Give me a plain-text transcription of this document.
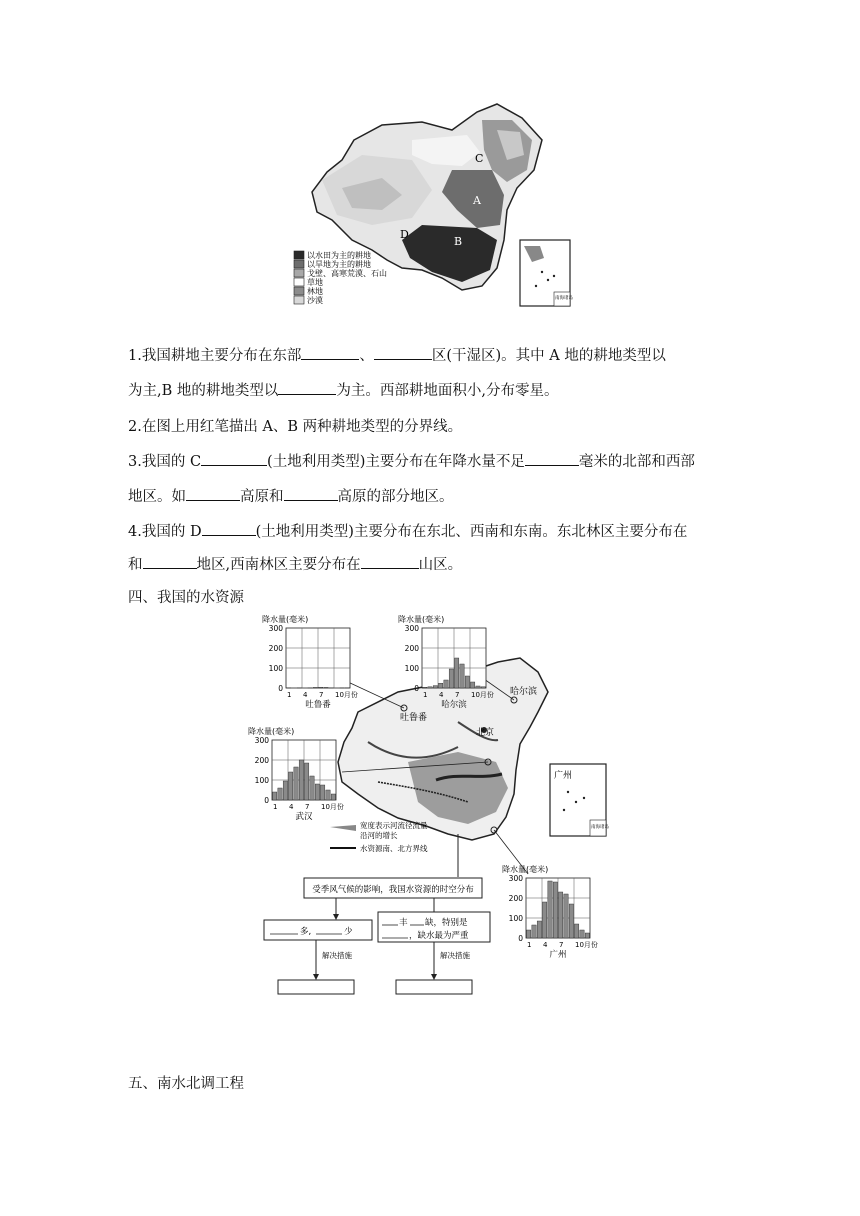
C
A
B
D
以水田为主的耕地
以旱地为主的耕地
戈壁、高寒荒漠、石山
草地
林地
沙漠	南海诸岛
1.我国耕地主要分布在东部	、	区(干湿区)。其中 A 地的耕地类型以
为主,B 地的耕地类型以	为主。西部耕地面积小,分布零星。
2.在图上用红笔描出 A、B 两种耕地类型的分界线。
3.我国的 C	(土地利用类型)主要分布在年降水量不足	毫米的北部和西部
地区。如	高原和	高原的部分地区。
4.我国的 D	(土地利用类型)主要分布在东北、西南和东南。东北林区主要分布在
和	地区,西南林区主要分布在	山区。
四、我国的水资源
吐鲁番
哈尔滨
北京
广州
南海诸岛
宽度表示河流径流量
沿河的增长
水资源南、北方界线
降水量(毫米)
300
200
100
0
1 4 7 10月份
吐鲁番
降水量(毫米)
300
200
100
0
1 4 7 10月份
哈尔滨
降水量(毫米)
300
200
100
0
1 4 7 10月份
武汉
降水量(毫米)
300
200
100
0
1 4 7 10月份
广州
受季风气候的影响，我国水资源的时空分布
多,	少
丰 缺，特别是
，缺水最为严重
解决措施	解决措施
五、南水北调工程
